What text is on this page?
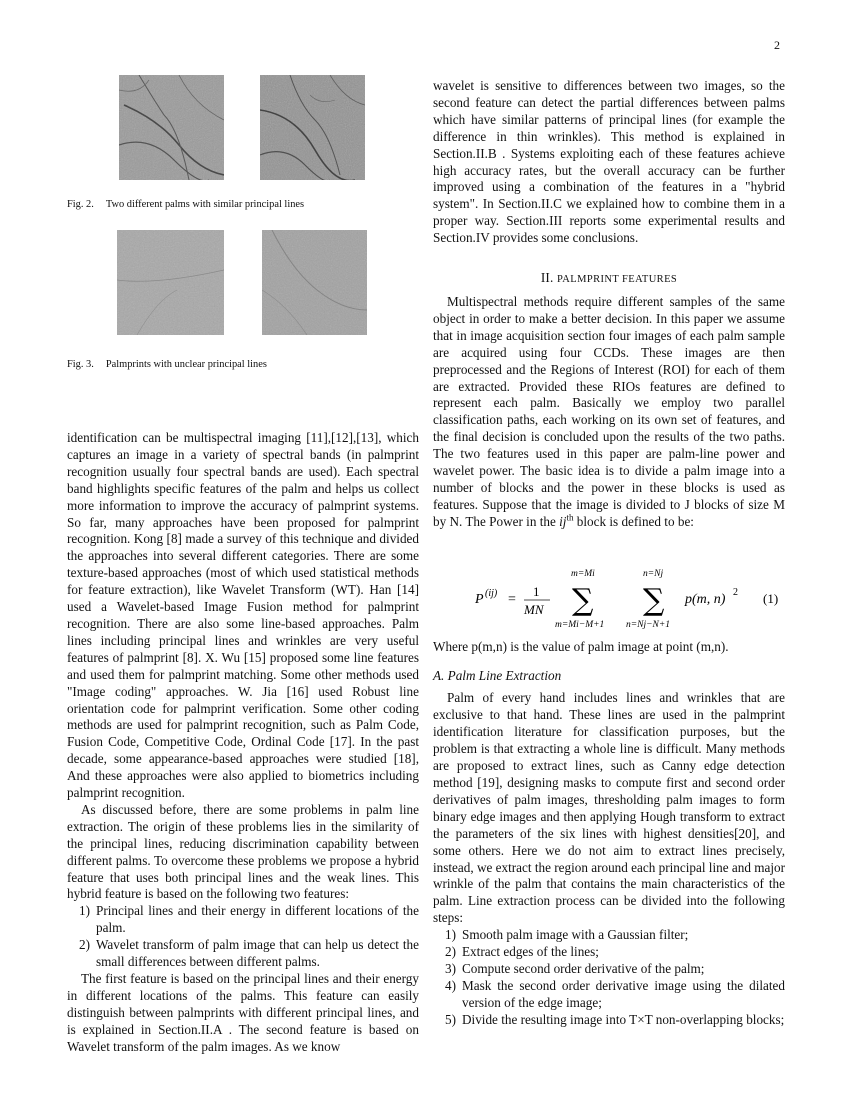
2
Fig. 2. Two different palms with similar principal lines
Fig. 3. Palmprints with unclear principal lines

identification can be multispectral imaging [11],[12],[13], which captures an image in a variety of spectral bands (in palmprint recognition usually four spectral bands are used). Each spectral band highlights specific features of the palm and helps us collect more information to improve the accuracy of palmprint systems. So far, many approaches have been proposed for palmprint recognition. Kong [8] made a survey of this technique and divided the approaches into several different categories. There are some texture-based approaches (most of which used statistical methods for feature extraction), like Wavelet Transform (WT). Han [14] used a Wavelet-based Image Fusion method for palmprint recognition. There are also some line-based approaches. Palm lines including principal lines and wrinkles are very useful features of palmprint [8]. X. Wu [15] proposed some line features and used them for palmprint matching. Some other methods used "Image coding" approaches. W. Jia [16] used Robust line orientation code for palmprint verification. Some other coding methods are used for palmprint recognition, such as Palm Code, Fusion Code, Competitive Code, Ordinal Code [17]. In the past decade, some appearance-based approaches were studied [18], And these approaches were also applied to biometrics including palmprint recognition.

As discussed before, there are some problems in palm line extraction. The origin of these problems lies in the similarity of the principal lines, reducing discrimination capability between different palms. To overcome these problems we propose a hybrid feature that uses both principal lines and the weak lines. This hybrid feature is based on the following two features:

1) Principal lines and their energy in different locations of the palm.
2) Wavelet transform of palm image that can help us detect the small differences between different palms.

The first feature is based on the principal lines and their energy in different locations of the palms. This feature can easily distinguish between palmprints with different principal lines, and is explained in Section.II.A . The second feature is based on Wavelet transform of the palm images. As we know

wavelet is sensitive to differences between two images, so the second feature can detect the partial differences between palms which have similar patterns of principal lines (for example the difference in thin wrinkles). This method is explained in Section.II.B . Systems exploiting each of these features achieve high accuracy rates, but the overall accuracy can be further improved using a combination of the features in a "hybrid system". In Section.II.C we explained how to combine them in a proper way. Section.III reports some experimental results and Section.IV provides some conclusions.

II. PALMPRINT FEATURES

Multispectral methods require different samples of the same object in order to make a better decision. In this paper we assume that in image acquisition section four images of each palm sample are acquired using four CCDs. These images are then preprocessed and the Regions of Interest (ROI) for each of them are extracted. Provided these RIOs features are defined to represent each palm. Basically we employ two parallel classification paths, each working on its own set of features, and the final decision is concluded upon the results of the two paths. The two features used in this paper are palm-line power and wavelet power. The basic idea is to divide a palm image into a number of blocks and the power in these blocks is used as features. Suppose that the image is divided to J blocks of size M by N. The Power in the $ij^{th}$ block is defined to be:

P (ij) =
1
MN
m=Mi
∑
m=Mi−M+1
n=Nj
∑
n=Nj−N+1
p(m, n) 2 (1)

Where p(m,n) is the value of palm image at point (m,n).

A. Palm Line Extraction

Palm of every hand includes lines and wrinkles that are exclusive to that hand. These lines are used in the palmprint identification literature for classification purposes, but the problem is that extracting a whole line is difficult. Many methods are proposed to extract lines, such as Canny edge detection method [19], designing masks to compute first and second order derivatives of palm images, thresholding palm images to form binary edge images and then applying Hough transform to extract the parameters of the six lines with highest densities[20], and some others. Here we do not aim to extract lines precisely, instead, we extract the region around each principal line and major wrinkle of the palm that contains the main characteristics of the palm. Line extraction process can be divided into the following steps:

1) Smooth palm image with a Gaussian filter;
2) Extract edges of the lines;
3) Compute second order derivative of the palm;
4) Mask the second order derivative image using the dilated version of the edge image;
5) Divide the resulting image into T×T non-overlapping blocks;
